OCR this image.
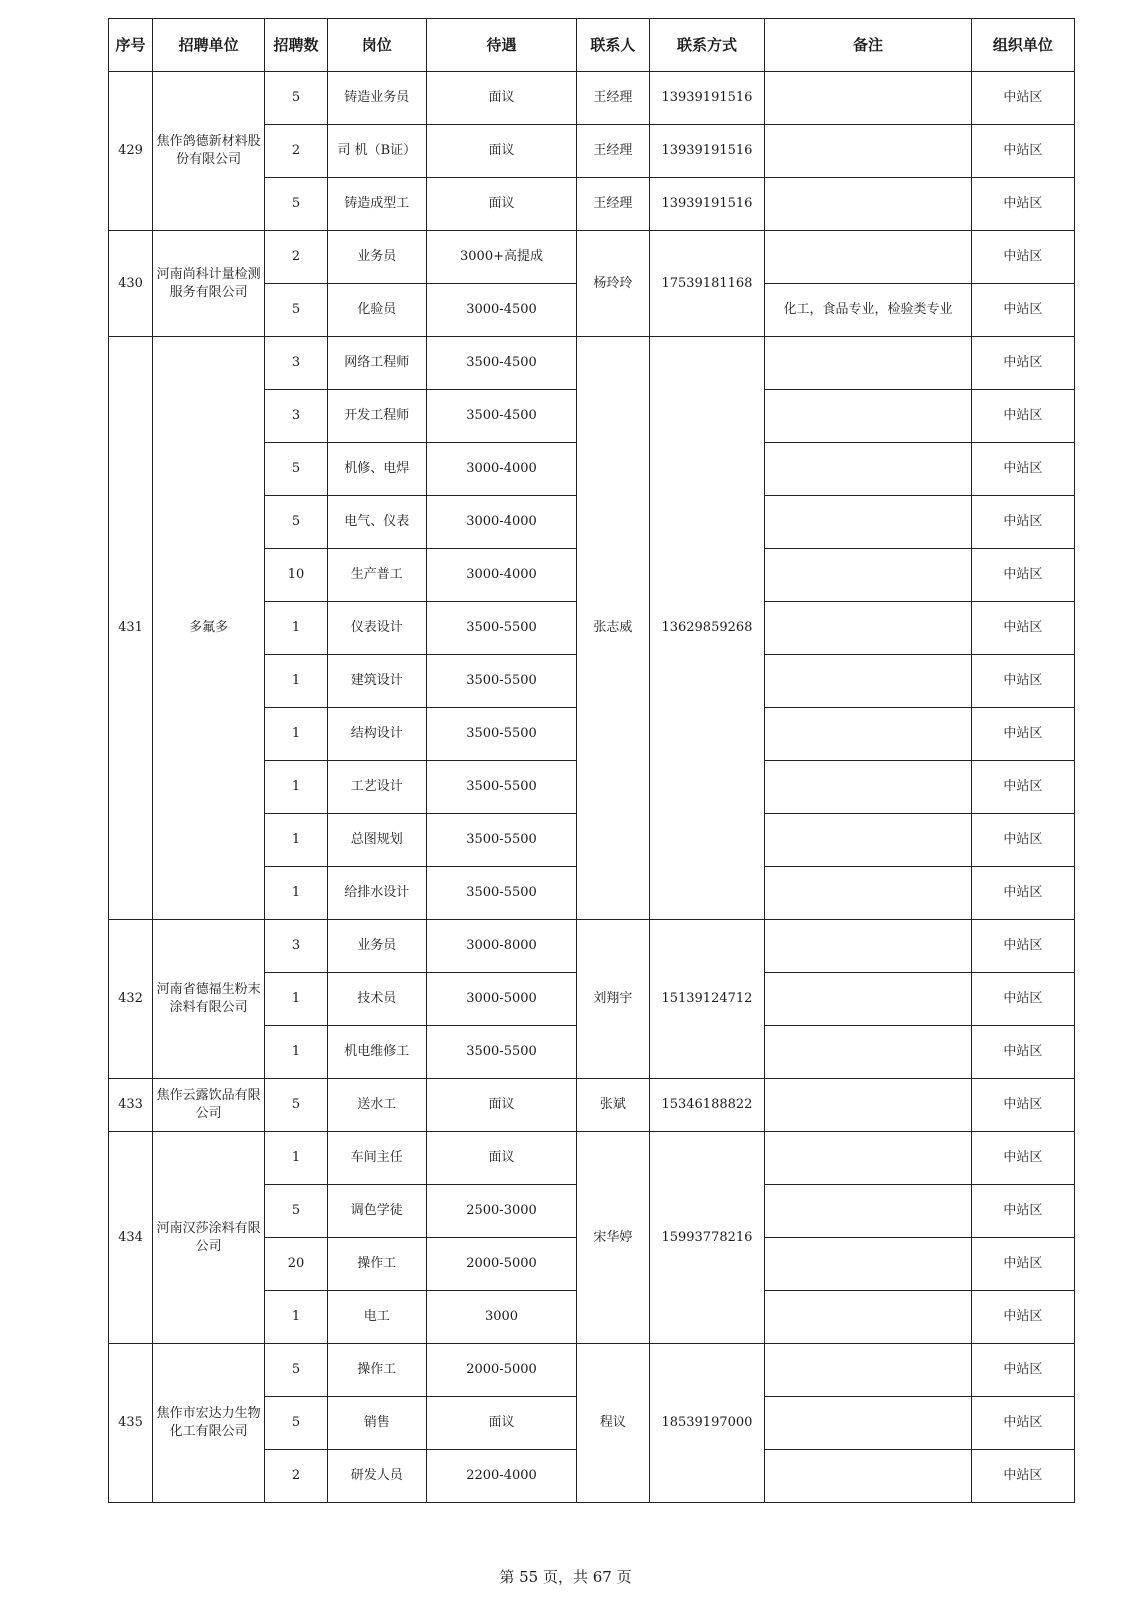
序号	招聘单位	招聘数	岗位	待遇	联系人	联系方式	备注	组织单位
429	焦作鸽德新材料股份有限公司	5	铸造业务员	面议	王经理	13939191516		中站区
		2	司 机（B证）	面议	王经理	13939191516		中站区
		5	铸造成型工	面议	王经理	13939191516		中站区
430	河南尚科计量检测服务有限公司	2	业务员	3000+高提成	杨玲玲	17539181168		中站区
		5	化验员	3000-4500			化工，食品专业，检验类专业	中站区
431	多氟多	3	网络工程师	3500-4500	张志威	13629859268		中站区
		3	开发工程师	3500-4500				中站区
		5	机修、电焊	3000-4000				中站区
		5	电气、仪表	3000-4000				中站区
		10	生产普工	3000-4000				中站区
		1	仪表设计	3500-5500				中站区
		1	建筑设计	3500-5500				中站区
		1	结构设计	3500-5500				中站区
		1	工艺设计	3500-5500				中站区
		1	总图规划	3500-5500				中站区
		1	给排水设计	3500-5500				中站区
432	河南省德福生粉末涂料有限公司	3	业务员	3000-8000	刘翔宇	15139124712		中站区
		1	技术员	3000-5000				中站区
		1	机电维修工	3500-5500				中站区
433	焦作云露饮品有限公司	5	送水工	面议	张斌	15346188822		中站区
434	河南汉莎涂料有限公司	1	车间主任	面议	宋华婷	15993778216		中站区
		5	调色学徒	2500-3000				中站区
		20	操作工	2000-5000				中站区
		1	电工	3000				中站区
435	焦作市宏达力生物化工有限公司	5	操作工	2000-5000	程议	18539197000		中站区
		5	销售	面议				中站区
		2	研发人员	2200-4000				中站区
第 55 页，共 67 页
